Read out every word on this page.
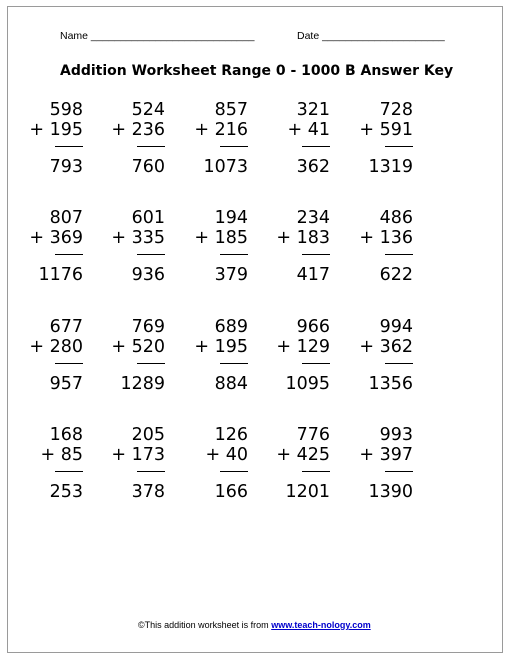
Name ____________________________	Date _____________________
Addition Worksheet Range 0 - 1000 B Answer Key
598
+ 195
793
524
+ 236
760
857
+ 216
1073
321
+ 41
362
728
+ 591
1319
807
+ 369
1176
601
+ 335
936
194
+ 185
379
234
+ 183
417
486
+ 136
622
677
+ 280
957
769
+ 520
1289
689
+ 195
884
966
+ 129
1095
994
+ 362
1356
168
+ 85
253
205
+ 173
378
126
+ 40
166
776
+ 425
1201
993
+ 397
1390
©This addition worksheet is from www.teach-nology.com
